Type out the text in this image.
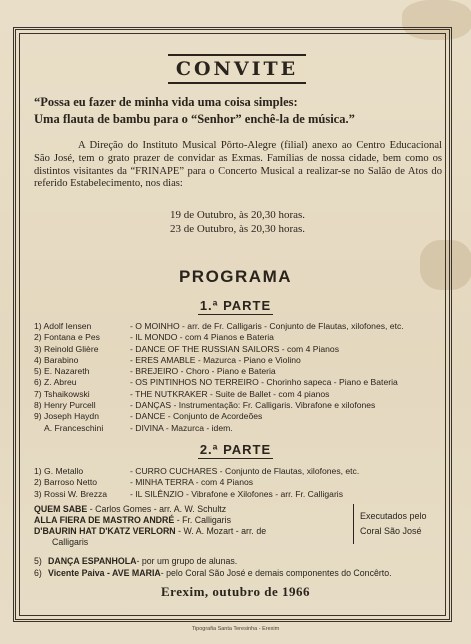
CONVITE
“Possa eu fazer de minha vida uma coisa simples:
Uma flauta de bambu para o “Senhor” enchê-la de música.”
A Direção do Instituto Musical Pôrto-Alegre (filial) anexo ao Centro Educacional São José, tem o grato prazer de convidar as Exmas. Famílias de nossa cidade, bem como os distintos visitantes da “FRINAPE” para o Concerto Musical a realizar-se no Salão de Atos do referido Estabelecimento, nos dias:
19 de Outubro, às 20,30 horas.
23 de Outubro, às 20,30 horas.
PROGRAMA
1.ª PARTE
1) Adolf Iensen	- O MOINHO - arr. de Fr. Calligaris - Conjunto de Flautas, xilofones, etc.
2) Fontana e Pes	- IL MONDO - com 4 Pianos e Bateria
3) Reinold Glière	- DANCE OF THE RUSSIAN SAILORS - com 4 Pianos
4) Barabino	- ERES AMABLE - Mazurca - Piano e Violino
5) E. Nazareth	- BREJEIRO - Choro - Piano e Bateria
6) Z. Abreu	- OS PINTINHOS NO TERREIRO - Chorinho sapeca - Piano e Bateria
7) Tshaikowski	- THE NUTKRAKER - Suite de Ballet - com 4 pianos
8) Henry Purcell	- DANÇAS - Instrumentação: Fr. Calligaris. Vibrafone e xilofones
9) Joseph Haydn	- DANCE - Conjunto de Acordeões
A. Franceschini	- DIVINA - Mazurca - idem.
2.ª PARTE
1) G. Metallo	- CURRO CUCHARES - Conjunto de Flautas, xilofones, etc.
2) Barroso Netto	- MINHA TERRA - com 4 Pianos
3) Rossi W. Brezza	- IL SILÊNZIO - Vibrafone e Xilofones - arr. Fr. Calligaris
QUEM SABE - Carlos Gomes - arr. A. W. Schultz
ALLA FIERA DE MASTRO ANDRÉ - Fr. Calligaris
D'BAURIN HAT D'KATZ VERLORN - W. A. Mozart - arr. de
Calligaris
Executados pelo
Coral São José
5) DANÇA ESPANHOLA - por um grupo de alunas.
6) Vicente Paiva - AVE MARIA - pelo Coral São José e demais componentes do Concêrto.
Erexim, outubro de 1966
Tipografia Santa Teresinha - Erexim
